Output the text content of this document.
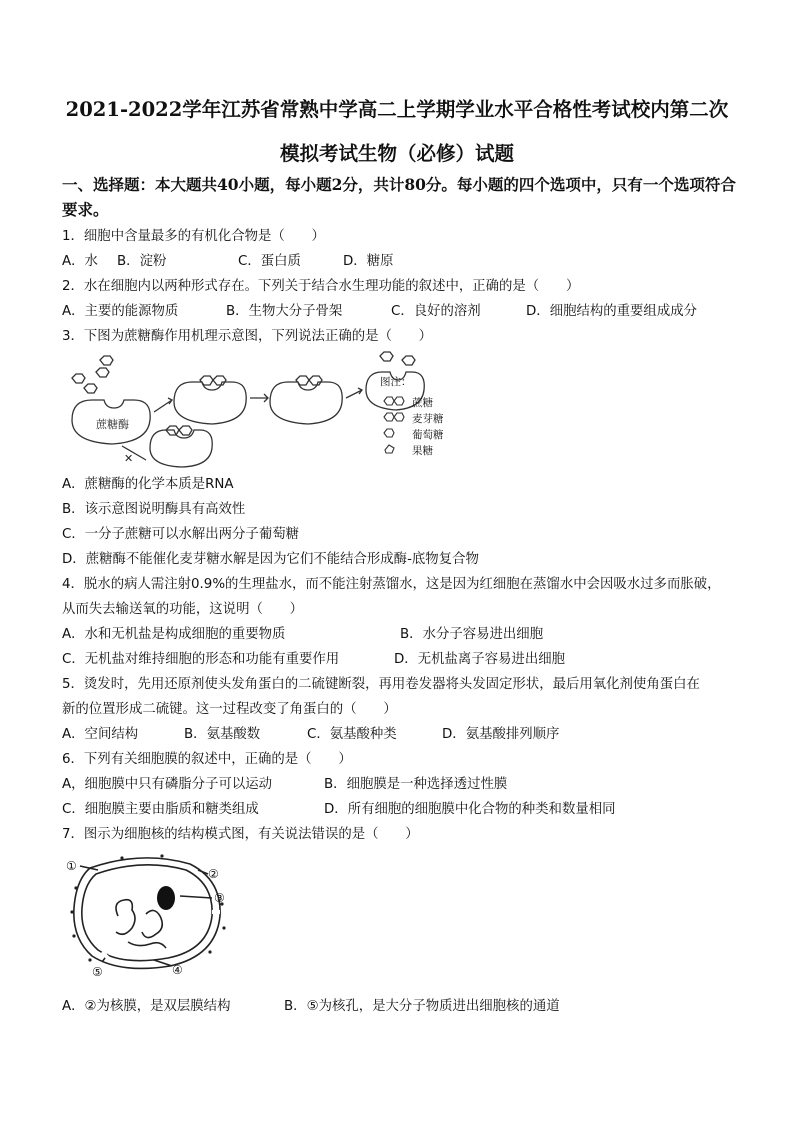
2021-2022学年江苏省常熟中学高二上学期学业水平合格性考试校内第二次
模拟考试生物（必修）试题
一、选择题：本大题共40小题，每小题2分，共计80分。每小题的四个选项中，只有一个选项符合要求。
1．细胞中含量最多的有机化合物是（　　）
A．水 B．淀粉	C．蛋白质	D．糖原
2．水在细胞内以两种形式存在。下列关于结合水生理功能的叙述中，正确的是（　　）
A．主要的能源物质	B．生物大分子骨架	C．良好的溶剂	D．细胞结构的重要组成成分
3．下图为蔗糖酶作用机理示意图，下列说法正确的是（　　）
蔗糖酶
✕
图注：
蔗糖
麦芽糖
葡萄糖
果糖
A．蔗糖酶的化学本质是RNA
B．该示意图说明酶具有高效性
C．一分子蔗糖可以水解出两分子葡萄糖
D．蔗糖酶不能催化麦芽糖水解是因为它们不能结合形成酶-底物复合物
4．脱水的病人需注射0.9%的生理盐水，而不能注射蒸馏水，这是因为红细胞在蒸馏水中会因吸水过多而胀破，
从而失去输送氧的功能，这说明（　　）
A．水和无机盐是构成细胞的重要物质	B．水分子容易进出细胞
C．无机盐对维持细胞的形态和功能有重要作用	D．无机盐离子容易进出细胞
5．烫发时，先用还原剂使头发角蛋白的二硫键断裂，再用卷发器将头发固定形状，最后用氧化剂使角蛋白在
新的位置形成二硫键。这一过程改变了角蛋白的（　　）
A．空间结构	B．氨基酸数	C．氨基酸种类	D．氨基酸排列顺序
6．下列有关细胞膜的叙述中，正确的是（　　）
A，细胞膜中只有磷脂分子可以运动	B．细胞膜是一种选择透过性膜
C．细胞膜主要由脂质和糖类组成	D．所有细胞的细胞膜中化合物的种类和数量相同
7．图示为细胞核的结构模式图，有关说法错误的是（　　）
①
②
③
④
⑤
A．②为核膜，是双层膜结构	B．⑤为核孔，是大分子物质进出细胞核的通道
